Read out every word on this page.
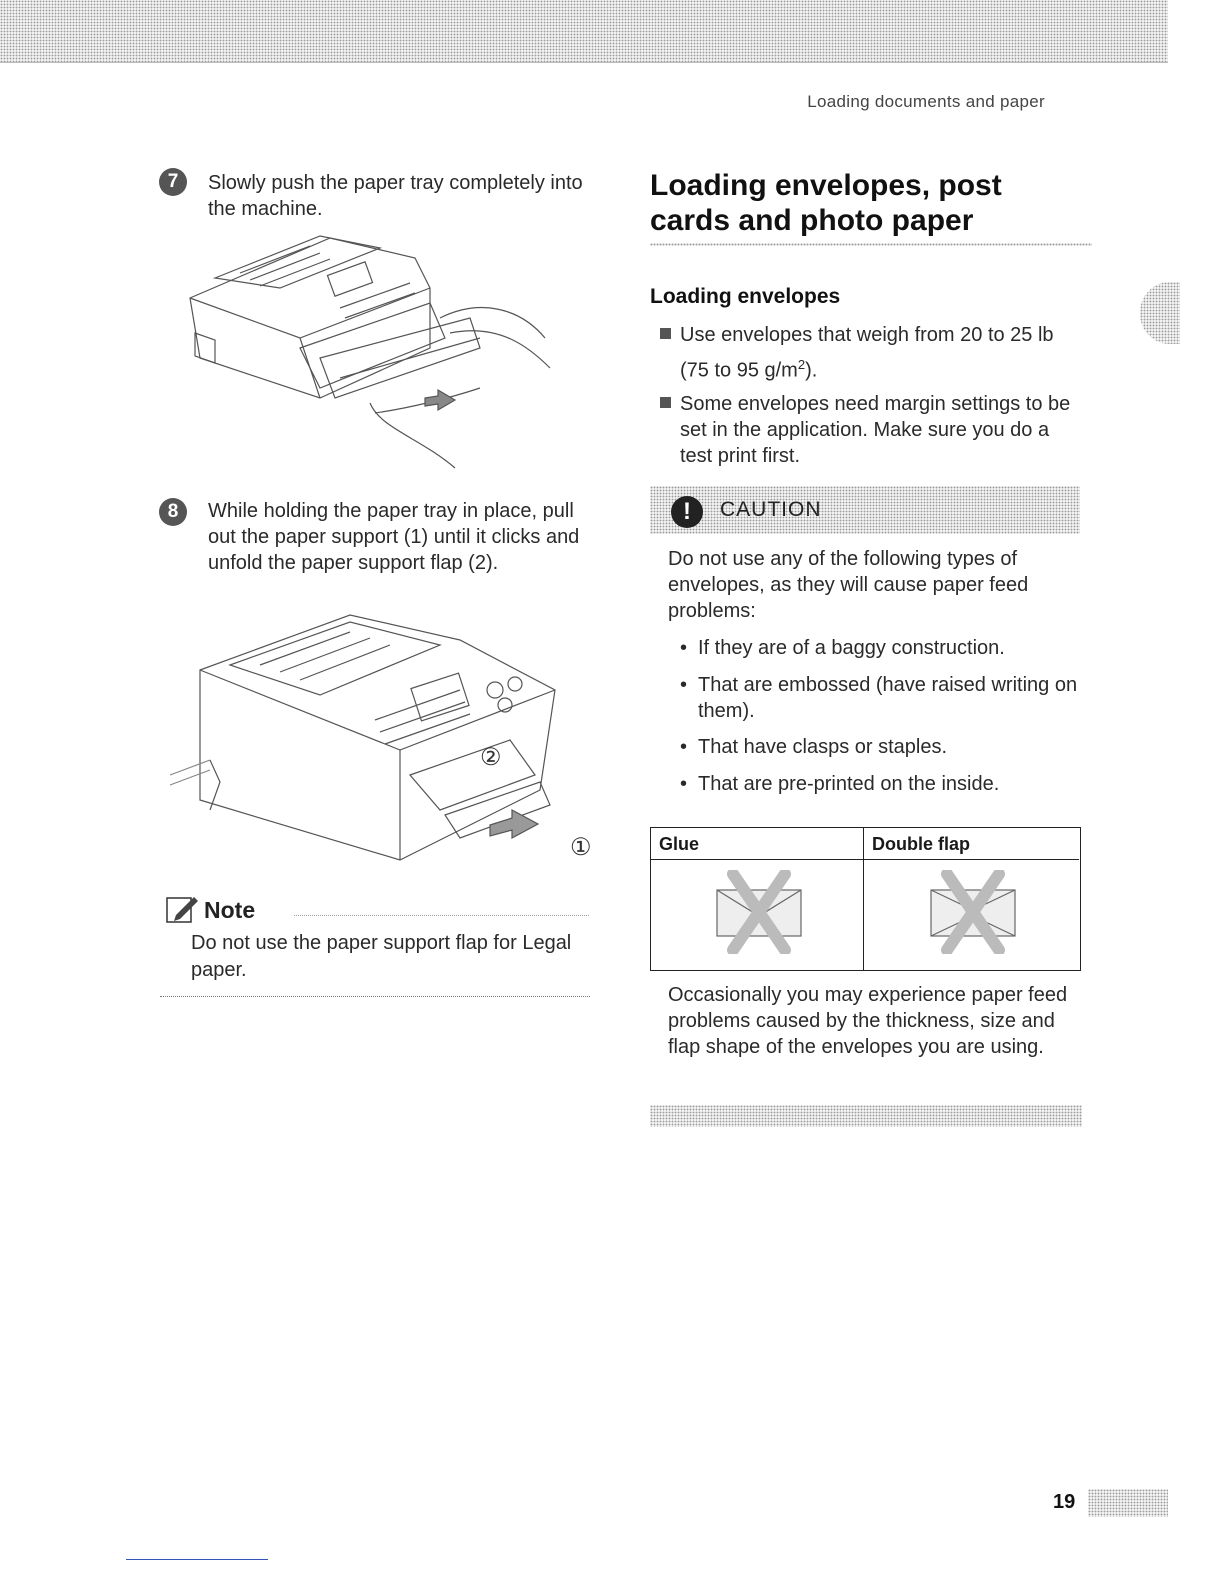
Loading documents and paper
7	Slowly push the paper tray completely into the machine.
8	While holding the paper tray in place, pull out the paper support (1) until it clicks and unfold the paper support flap (2).
②
①
Note
Do not use the paper support flap for Legal paper.
Loading envelopes, post cards and photo paper
Loading envelopes
Use envelopes that weigh from 20 to 25 lb
(75 to 95 $g/m^2$).
Some envelopes need margin settings to be set in the application. Make sure you do a test print first.
!	CAUTION
Do not use any of the following types of envelopes, as they will cause paper feed problems:
• If they are of a baggy construction.
• That are embossed (have raised writing on them).
• That have clasps or staples.
• That are pre-printed on the inside.
Glue	Double flap
Occasionally you may experience paper feed problems caused by the thickness, size and flap shape of the envelopes you are using.
19
